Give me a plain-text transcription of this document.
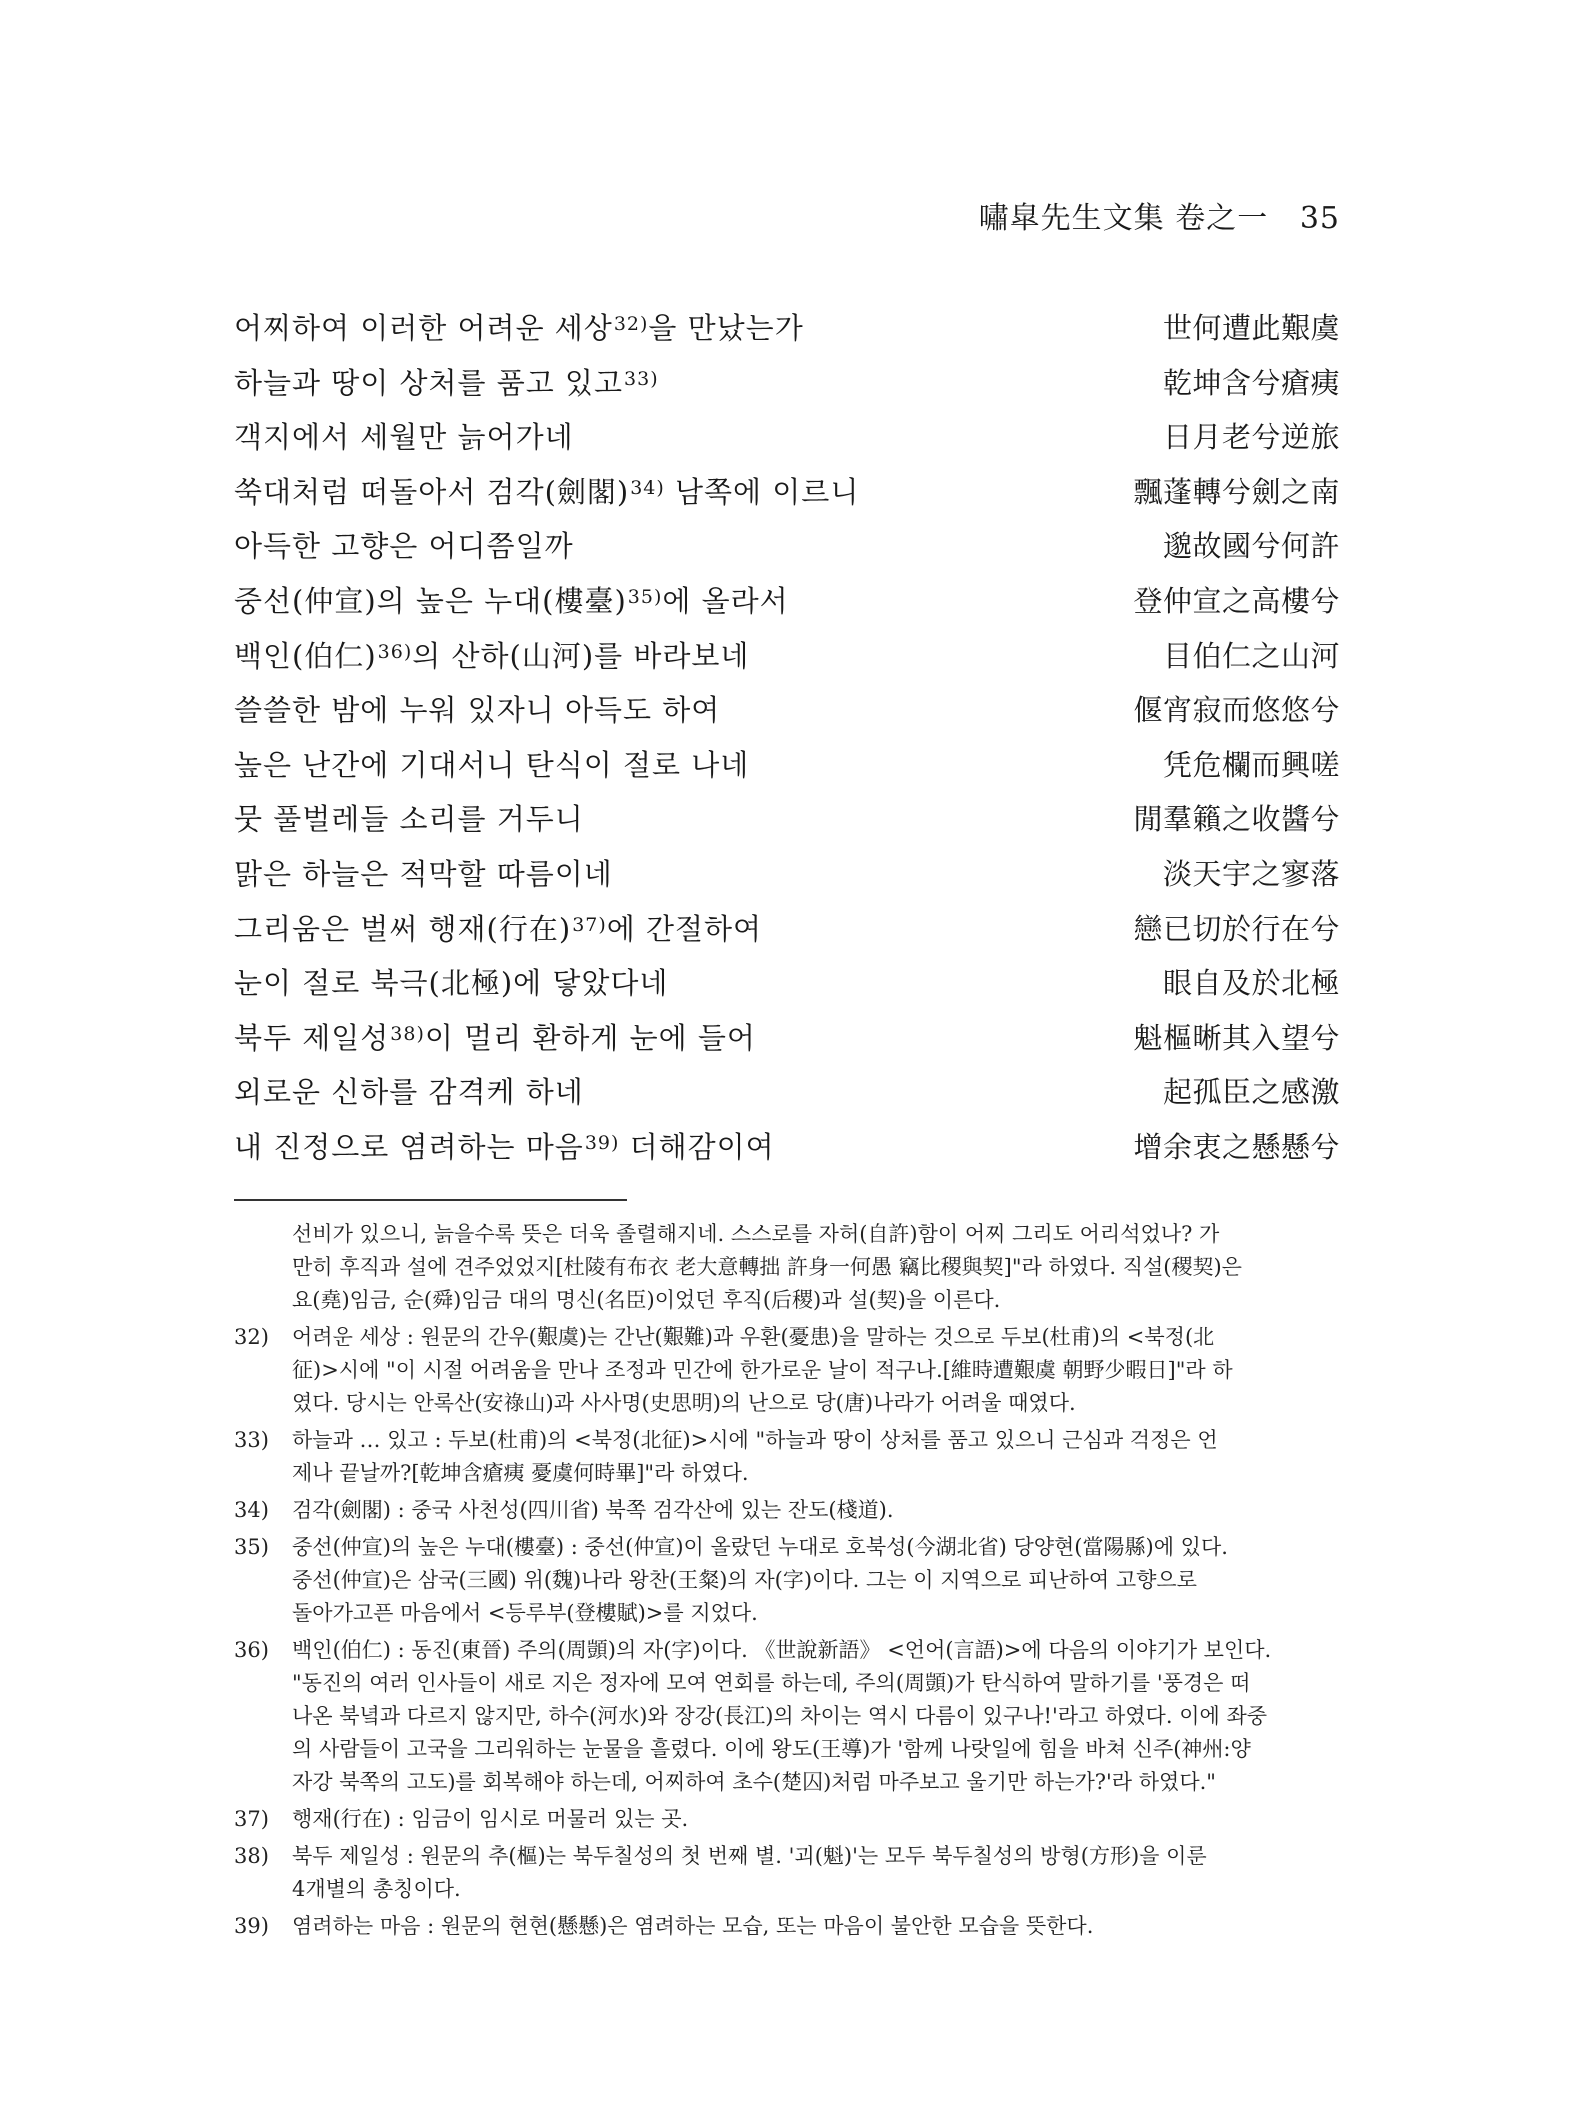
嘯皐先生文集 卷之一 35
어찌하여 이러한 어려운 세상$^{32)}$을 만났는가	世何遭此艱虞
하늘과 땅이 상처를 품고 있고$^{33)}$	乾坤含兮瘡痍
객지에서 세월만 늙어가네	日月老兮逆旅
쑥대처럼 떠돌아서 검각(劍閣)$^{34)}$ 남쪽에 이르니	飄蓬轉兮劍之南
아득한 고향은 어디쯤일까	邈故國兮何許
중선(仲宣)의 높은 누대(樓臺)$^{35)}$에 올라서	登仲宣之高樓兮
백인(伯仁)$^{36)}$의 산하(山河)를 바라보네	目伯仁之山河
쓸쓸한 밤에 누워 있자니 아득도 하여	偃宵寂而悠悠兮
높은 난간에 기대서니 탄식이 절로 나네	凭危欄而興嗟
뭇 풀벌레들 소리를 거두니	閒羣籟之收醬兮
맑은 하늘은 적막할 따름이네	淡天宇之寥落
그리움은 벌써 행재(行在)$^{37)}$에 간절하여	戀已切於行在兮
눈이 절로 북극(北極)에 닿았다네	眼自及於北極
북두 제일성$^{38)}$이 멀리 환하게 눈에 들어	魁樞晰其入望兮
외로운 신하를 감격케 하네	起孤臣之感激
내 진정으로 염려하는 마음$^{39)}$ 더해감이여	增余衷之懸懸兮
선비가 있으니, 늙을수록 뜻은 더욱 졸렬해지네. 스스로를 자허(自許)함이 어찌 그리도 어리석었나? 가
만히 후직과 설에 견주었었지[杜陵有布衣 老大意轉拙 許身一何愚 竊比稷與契]"라 하였다. 직설(稷契)은
요(堯)임금, 순(舜)임금 대의 명신(名臣)이었던 후직(后稷)과 설(契)을 이른다.
32) 어려운 세상 : 원문의 간우(艱虞)는 간난(艱難)과 우환(憂患)을 말하는 것으로 두보(杜甫)의 <북정(北
征)>시에 "이 시절 어려움을 만나 조정과 민간에 한가로운 날이 적구나.[維時遭艱虞 朝野少暇日]"라 하
였다. 당시는 안록산(安祿山)과 사사명(史思明)의 난으로 당(唐)나라가 어려울 때였다.
33) 하늘과 … 있고 : 두보(杜甫)의 <북정(北征)>시에 "하늘과 땅이 상처를 품고 있으니 근심과 걱정은 언
제나 끝날까?[乾坤含瘡痍 憂虞何時畢]"라 하였다.
34) 검각(劍閣) : 중국 사천성(四川省) 북쪽 검각산에 있는 잔도(棧道).
35) 중선(仲宣)의 높은 누대(樓臺) : 중선(仲宣)이 올랐던 누대로 호북성(今湖北省) 당양현(當陽縣)에 있다.
중선(仲宣)은 삼국(三國) 위(魏)나라 왕찬(王粲)의 자(字)이다. 그는 이 지역으로 피난하여 고향으로
돌아가고픈 마음에서 <등루부(登樓賦)>를 지었다.
36) 백인(伯仁) : 동진(東晉) 주의(周顗)의 자(字)이다. 《世說新語》 <언어(言語)>에 다음의 이야기가 보인다.
"동진의 여러 인사들이 새로 지은 정자에 모여 연회를 하는데, 주의(周顗)가 탄식하여 말하기를 '풍경은 떠
나온 북녘과 다르지 않지만, 하수(河水)와 장강(長江)의 차이는 역시 다름이 있구나!'라고 하였다. 이에 좌중
의 사람들이 고국을 그리워하는 눈물을 흘렸다. 이에 왕도(王導)가 '함께 나랏일에 힘을 바쳐 신주(神州:양
자강 북쪽의 고도)를 회복해야 하는데, 어찌하여 초수(楚囚)처럼 마주보고 울기만 하는가?'라 하였다."
37) 행재(行在) : 임금이 임시로 머물러 있는 곳.
38) 북두 제일성 : 원문의 추(樞)는 북두칠성의 첫 번째 별. '괴(魁)'는 모두 북두칠성의 방형(方形)을 이룬
4개별의 총칭이다.
39) 염려하는 마음 : 원문의 현현(懸懸)은 염려하는 모습, 또는 마음이 불안한 모습을 뜻한다.
